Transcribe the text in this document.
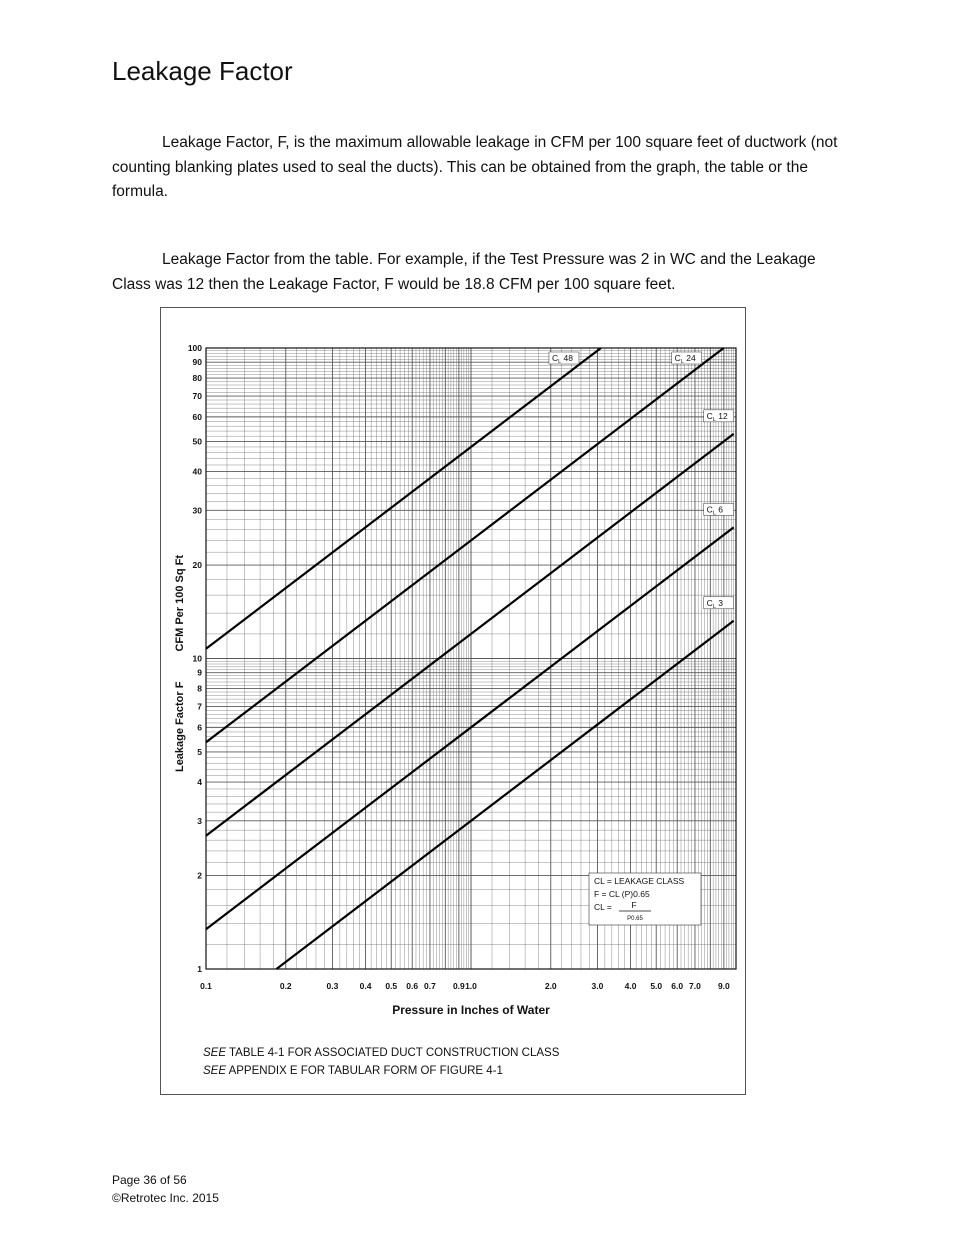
Leakage Factor

Leakage Factor, F, is the maximum allowable leakage in CFM per 100 square feet of ductwork (not counting blanking plates used to seal the ducts). This can be obtained from the graph, the table or the formula.

Leakage Factor from the table. For example, if the Test Pressure was 2 in WC and the Leakage Class was 12 then the Leakage Factor, F would be 18.8 CFM per 100 square feet.

1
2
3
4
5
6
7
8
9
10
20
30
40
50
60
70
80
90
100
0.1	0.2	0.3	0.4 0.5 0.6 0.7 0.9 1.0	2.0	3.0	4.0 5.0 6.0 7.0 9.0
Pressure in Inches of Water
Leakage Factor FCFM Per 100 Sq Ft
$C_L$ 48	$C_L$ 24
$C_L$ 12
$C_L$ 6
$C_L$ 3
CL = LEAKAGE CLASS
F = CL (P)0.65
CL = F
P0.65
SEE TABLE 4-1 FOR ASSOCIATED DUCT CONSTRUCTION CLASS
SEE APPENDIX E FOR TABULAR FORM OF FIGURE 4-1
Page 36 of 56
©Retrotec Inc. 2015
